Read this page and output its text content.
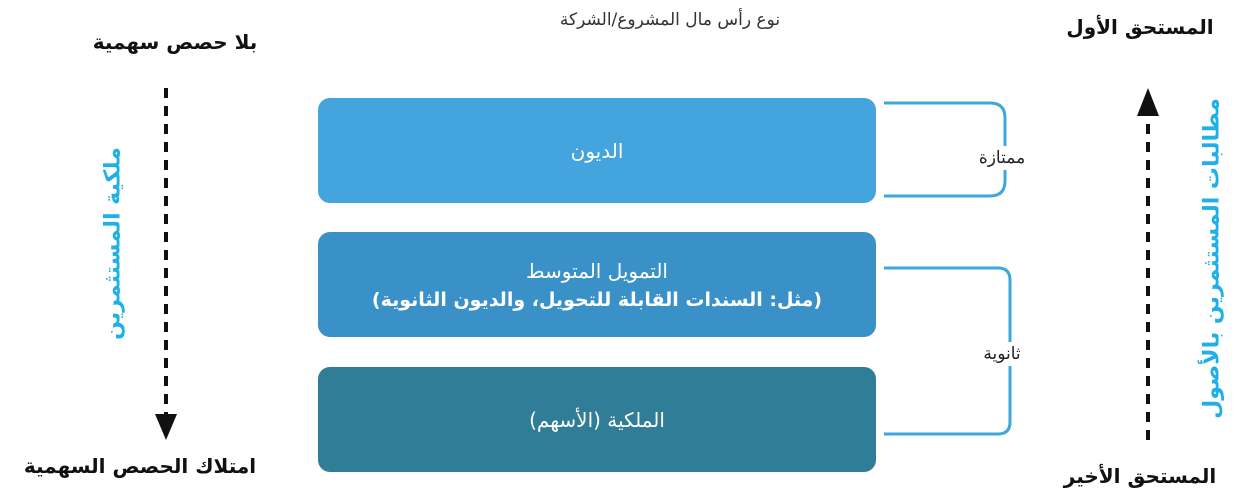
نوع رأس مال المشروع/الشركة
بلا حصص سهمية
امتلاك الحصص السهمية
المستحق الأول
المستحق الأخير
الديون
التمويل المتوسط
(مثل: السندات القابلة للتحويل، والديون الثانوية)
الملكية (الأسهم)
ممتازة
ثانوية
ملكية المستثمرين	مطالبات المستثمرين بالأصول
